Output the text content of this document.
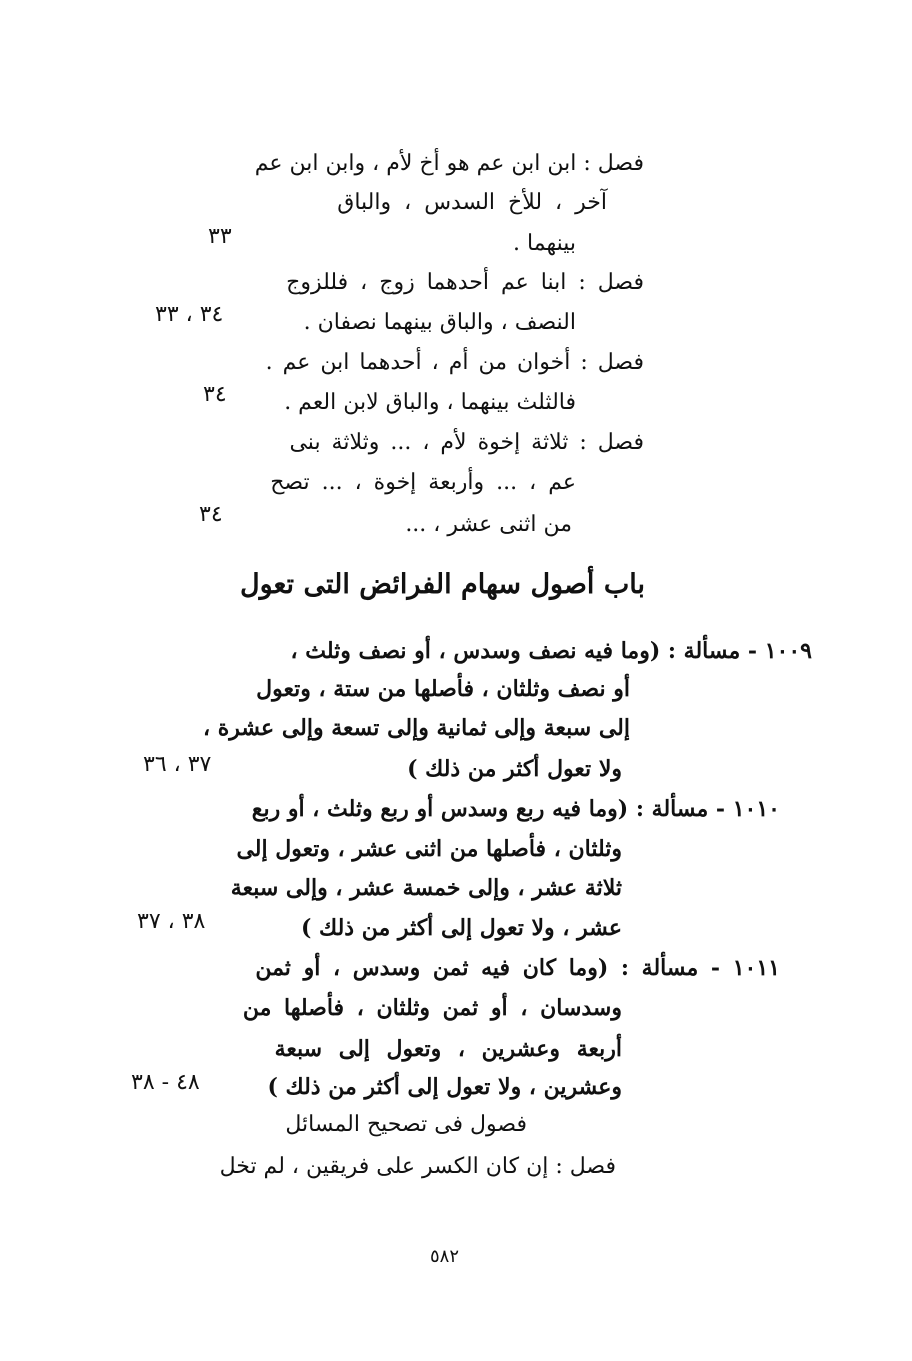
فصل : ابن ابن عم هو أخ لأم ، وابن ابن عم
آخر ، للأخ السدس ، والباق
بينهما .
٣٣
فصل : ابنا عم أحدهما زوج ، فللزوج
النصف ، والباق بينهما نصفان .
٣٤ ، ٣٣
فصل : أخوان من أم ، أحدهما ابن عم .
فالثلث بينهما ، والباق لابن العم .
٣٤
فصل : ثلاثة إخوة لأم ، ... وثلاثة بنى
عم ، ... وأربعة إخوة ، ... تصح
من اثنى عشر ، ...
٣٤
باب أصول سهام الفرائض التى تعول
١٠٠٩ - مسألة : (وما فيه نصف وسدس ، أو نصف وثلث ،
أو نصف وثلثان ، فأصلها من ستة ، وتعول
إلى سبعة وإلى ثمانية وإلى تسعة وإلى عشرة ،
ولا تعول أكثر من ذلك )
٣٧ ، ٣٦
١٠١٠ - مسألة : (وما فيه ربع وسدس أو ربع وثلث ، أو ربع
وثلثان ، فأصلها من اثنى عشر ، وتعول إلى
ثلاثة عشر ، وإلى خمسة عشر ، وإلى سبعة
عشر ، ولا تعول إلى أكثر من ذلك )
٣٨ ، ٣٧
١٠١١ - مسألة : (وما كان فيه ثمن وسدس ، أو ثمن
وسدسان ، أو ثمن وثلثان ، فأصلها من
أربعة وعشرين ، وتعول إلى سبعة
وعشرين ، ولا تعول إلى أكثر من ذلك )
٤٨ - ٣٨
فصول فى تصحيح المسائل
فصل : إن كان الكسر على فريقين ، لم تخل
٥٨٢
